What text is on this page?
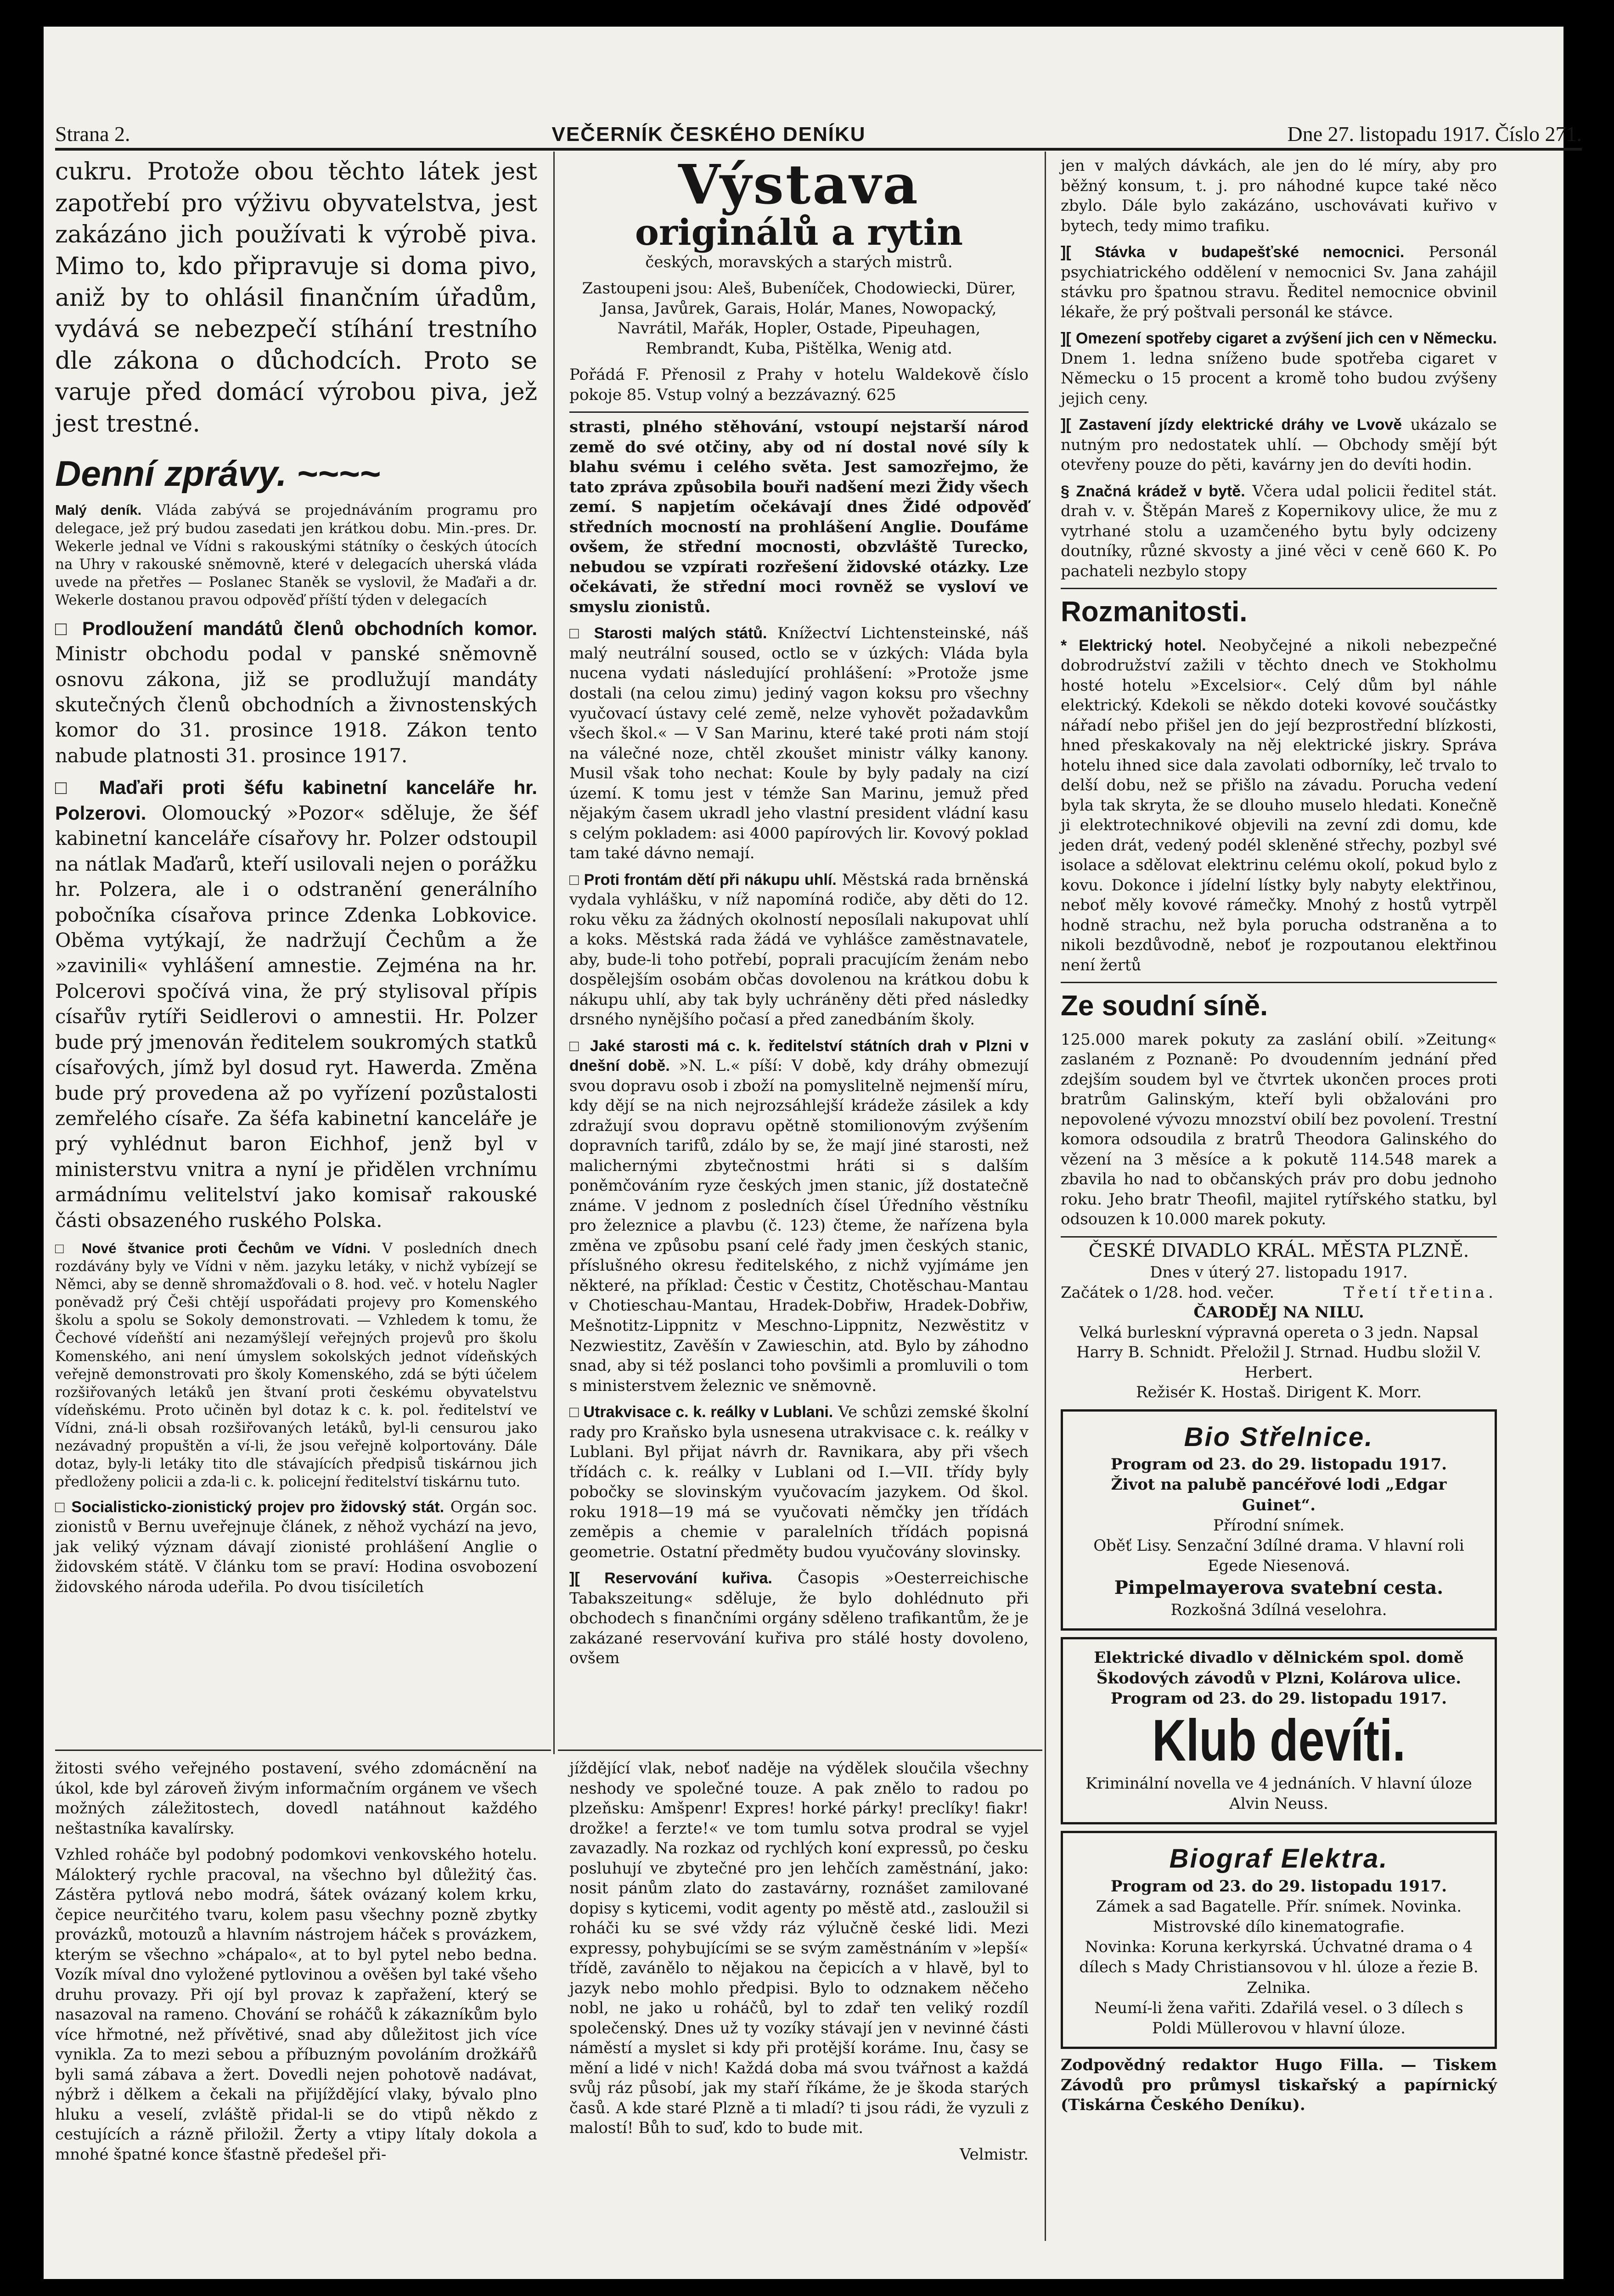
Strana 2.	VEČERNÍK ČESKÉHO DENÍKU	Dne 27. listopadu 1917. Číslo 271.

cukru. Protože obou těchto látek jest zapotřebí pro výživu obyvatelstva, jest zakázáno jich používati k výrobě piva. Mimo to, kdo připravuje si doma pivo, aniž by to ohlásil finančním úřadům, vydává se nebezpečí stíhání trestního dle zákona o důchodcích. Proto se varuje před domácí výrobou piva, jež jest trestné.

Denní zprávy. ~~~~

Malý deník. Vláda zabývá se projednáváním programu pro delegace, jež prý budou zasedati jen krátkou dobu. Min.-pres. Dr. Wekerle jednal ve Vídni s rakouskými státníky o českých útocích na Uhry v rakouské sněmovně, které v delegacích uherská vláda uvede na přetřes — Poslanec Staněk se vyslovil, že Maďaři a dr. Wekerle dostanou pravou odpověď příští týden v delegacích

□ Prodloužení mandátů členů obchodních komor. Ministr obchodu podal v panské sněmovně osnovu zákona, již se prodlužují mandáty skutečných členů obchodních a živnostenských komor do 31. prosince 1918. Zákon tento nabude platnosti 31. prosince 1917.

□ Maďaři proti šéfu kabinetní kanceláře hr. Polzerovi. Olomoucký »Pozor« sděluje, že šéf kabinetní kanceláře císařovy hr. Polzer odstoupil na nátlak Maďarů, kteří usilovali nejen o porážku hr. Polzera, ale i o odstranění generálního pobočníka císařova prince Zdenka Lobkovice. Oběma vytýkají, že nadržují Čechům a že »zavinili« vyhlášení amnestie. Zejména na hr. Polcerovi spočívá vina, že prý stylisoval přípis císařův rytíři Seidlerovi o amnestii. Hr. Polzer bude prý jmenován ředitelem soukromých statků císařových, jímž byl dosud ryt. Hawerda. Změna bude prý provedena až po vyřízení pozůstalosti zemřelého císaře. Za šéfa kabinetní kanceláře je prý vyhlédnut baron Eichhof, jenž byl v ministerstvu vnitra a nyní je přidělen vrchnímu armádnímu velitelství jako komisař rakouské části obsazeného ruského Polska.

□ Nové štvanice proti Čechům ve Vídni. V posledních dnech rozdávány byly ve Vídni v něm. jazyku letáky, v nichž vybízejí se Němci, aby se denně shromažďovali o 8. hod. več. v hotelu Nagler poněvadž prý Češi chtějí uspořádati projevy pro Komenského školu a spolu se Sokoly demonstrovati. — Vzhledem k tomu, že Čechové vídeňští ani nezamýšlejí veřejných projevů pro školu Komenského, ani není úmyslem sokolských jednot vídeňských veřejně demonstrovati pro školy Komenského, zdá se býti účelem rozšiřovaných letáků jen štvaní proti českému obyvatelstvu vídeňskému. Proto učiněn byl dotaz k c. k. pol. ředitelství ve Vídni, zná-li obsah rozšiřovaných letáků, byl-li censurou jako nezávadný propuštěn a ví-li, že jsou veřejně kolportovány. Dále dotaz, byly-li letáky tito dle stávajících předpisů tiskárnou jich předloženy policii a zda-li c. k. policejní ředitelství tiskárnu tuto.

□ Socialisticko-zionistický projev pro židovský stát. Orgán soc. zionistů v Bernu uveřejnuje článek, z něhož vychází na jevo, jak veliký význam dávají zionisté prohlášení Anglie o židovském státě. V článku tom se praví: Hodina osvobození židovského národa udeřila. Po dvou tisíciletích

žitosti svého veřejného postavení, svého zdomácnění na úkol, kde byl zároveň živým informačním orgánem ve všech možných záležitostech, dovedl natáhnout každého neštastníka kavalírsky.

Vzhled roháče byl podobný podomkovi venkovského hotelu. Málokterý rychle pracoval, na všechno byl důležitý čas. Zástěra pytlová nebo modrá, šátek ovázaný kolem krku, čepice neurčitého tvaru, kolem pasu všechny pozně zbytky provázků, motouzů a hlavním nástrojem háček s provázkem, kterým se všechno »chápalo«, at to byl pytel nebo bedna. Vozík míval dno vyložené pytlovinou a ověšen byl také všeho druhu provazy. Při ojí byl provaz k zapřažení, který se nasazoval na rameno. Chování se roháčů k zákazníkům bylo více hřmotné, než přívětivé, snad aby důležitost jich více vynikla. Za to mezi sebou a příbuzným povoláním drožkářů byli samá zábava a žert. Dovedli nejen pohotově nadávat, nýbrž i dělkem a čekali na přijíždějící vlaky, bývalo plno hluku a veselí, zvláště přidal-li se do vtipů někdo z cestujících a rázně přiložil. Žerty a vtipy lítaly dokola a mnohé špatné konce šťastně předešel při-

Výstava
originálů a rytin

českých, moravských a starých mistrů.

Zastoupeni jsou: Aleš, Bubeníček, Chodowiecki, Dürer, Jansa, Javůrek, Garais, Holár, Manes, Nowopacký, Navrátil, Mařák, Hopler, Ostade, Pipeuhagen, Rembrandt, Kuba, Pištělka, Wenig atd.

Pořádá F. Přenosil z Prahy v hotelu Waldekově číslo pokoje 85. Vstup volný a bezzávazný. 625

strasti, plného stěhování, vstoupí nejstarší národ země do své otčiny, aby od ní dostal nové síly k blahu svému i celého světa. Jest samozřejmo, že tato zpráva způsobila bouři nadšení mezi Židy všech zemí. S napjetím očekávají dnes Židé odpověď středních mocností na prohlášení Anglie. Doufáme ovšem, že střední mocnosti, obzvláště Turecko, nebudou se vzpírati rozřešení židovské otázky. Lze očekávati, že střední moci rovněž se vysloví ve smyslu zionistů.

□ Starosti malých států. Knížectví Lichtensteinské, náš malý neutrální soused, octlo se v úzkých: Vláda byla nucena vydati následující prohlášení: »Protože jsme dostali (na celou zimu) jediný vagon koksu pro všechny vyučovací ústavy celé země, nelze vyhovět požadavkům všech škol.« — V San Marinu, které také proti nám stojí na válečné noze, chtěl zkoušet ministr války kanony. Musil však toho nechat: Koule by byly padaly na cizí území. K tomu jest v témže San Marinu, jemuž před nějakým časem ukradl jeho vlastní president vládní kasu s celým pokladem: asi 4000 papírových lir. Kovový poklad tam také dávno nemají.

□ Proti frontám dětí při nákupu uhlí. Městská rada brněnská vydala vyhlášku, v níž napomíná rodiče, aby děti do 12. roku věku za žádných okolností neposílali nakupovat uhlí a koks. Městská rada žádá ve vyhlášce zaměstnavatele, aby, bude-li toho potřebí, poprali pracujícím ženám nebo dospělejším osobám občas dovolenou na krátkou dobu k nákupu uhlí, aby tak byly uchráněny děti před následky drsného nynějšího počasí a před zanedbáním školy.

□ Jaké starosti má c. k. ředitelství státních drah v Plzni v dnešní době. »N. L.« píší: V době, kdy dráhy obmezují svou dopravu osob i zboží na pomyslitelně nejmenší míru, kdy dějí se na nich nejrozsáhlejší krádeže zásilek a kdy zdražují svou dopravu opětně stomilionovým zvýšením dopravních tarifů, zdálo by se, že mají jiné starosti, než malichernými zbytečnostmi hráti si s dalším poněmčováním ryze českých jmen stanic, jíž dostatečně známe. V jednom z posledních čísel Úředního věstníku pro železnice a plavbu (č. 123) čteme, že nařízena byla změna ve způsobu psaní celé řady jmen českých stanic, příslušného okresu ředitelského, z nichž vyjímáme jen některé, na příklad: Čestic v Čestitz, Chotěschau-Mantau v Chotieschau-Mantau, Hradek-Dobřiw, Hradek-Dobřiw, Mešnotitz-Lippnitz v Meschno-Lippnitz, Nezwěstitz v Nezwiestitz, Zavěšín v Zawieschin, atd. Bylo by záhodno snad, aby si též poslanci toho povšimli a promluvili o tom s ministerstvem železnic ve sněmovně.

□ Utrakvisace c. k. reálky v Lublani. Ve schůzi zemské školní rady pro Kraňsko byla usnesena utrakvisace c. k. reálky v Lublani. Byl přijat návrh dr. Ravnikara, aby při všech třídách c. k. reálky v Lublani od I.—VII. třídy byly pobočky se slovinským vyučovacím jazykem. Od škol. roku 1918—19 má se vyučovati němčky jen třídách zeměpis a chemie v paralelních třídách popisná geometrie. Ostatní předměty budou vyučovány slovinsky.

][ Reservování kuřiva. Časopis »Oesterreichische Tabakszeitung« sděluje, že bylo dohlédnuto při obchodech s finančními orgány sděleno trafikantům, že je zakázané reservování kuřiva pro stálé hosty dovoleno, ovšem

jíždějící vlak, neboť naděje na výdělek sloučila všechny neshody ve společné touze. A pak znělo to radou po plzeňsku: Amšpenr! Expres! horké párky! preclíky! fiakr! drožke! a ferzte!« ve tom tumlu sotva prodral se vyjel zavazadly. Na rozkaz od rychlých koní expressů, po česku posluhují ve zbytečné pro jen lehčích zaměstnání, jako: nosit pánům zlato do zastavárny, roznášet zamilované dopisy s kyticemi, vodit agenty po městě atd., zasloužil si roháči ku se své vždy ráz výlučně české lidi. Mezi expressy, pohybujícími se se svým zaměstnáním v »lepší« třídě, zavánělo to nějakou na čepicích a v hlavě, byl to jazyk nebo mohlo předpisi. Bylo to odznakem něčeho nobl, ne jako u roháčů, byl to zdař ten veliký rozdíl společenský. Dnes už ty vozíky stávají jen v nevinné části náměstí a myslet si kdy při protější koráme. Inu, časy se mění a lidé v nich! Každá doba má svou tvářnost a každá svůj ráz působí, jak my staří říkáme, že je škoda starých časů. A kde staré Plzně a ti mladí? ti jsou rádi, že vyzuli z malostí! Bůh to suď, kdo to bude mit.

Velmistr.

jen v malých dávkách, ale jen do lé míry, aby pro běžný konsum, t. j. pro náhodné kupce také něco zbylo. Dále bylo zakázáno, uschovávati kuřivo v bytech, tedy mimo trafiku.

][ Stávka v budapešťské nemocnici. Personál psychiatrického oddělení v nemocnici Sv. Jana zahájil stávku pro špatnou stravu. Ředitel nemocnice obvinil lékaře, že prý poštvali personál ke stávce.

][ Omezení spotřeby cigaret a zvýšení jich cen v Německu. Dnem 1. ledna sníženo bude spotřeba cigaret v Německu o 15 procent a kromě toho budou zvýšeny jejich ceny.

][ Zastavení jízdy elektrické dráhy ve Lvově ukázalo se nutným pro nedostatek uhlí. — Obchody smějí být otevřeny pouze do pěti, kavárny jen do devíti hodin.

§ Značná krádež v bytě. Včera udal policii ředitel stát. drah v. v. Štěpán Mareš z Kopernikovy ulice, že mu z vytrhané stolu a uzamčeného bytu byly odcizeny doutníky, různé skvosty a jiné věci v ceně 660 K. Po pachateli nezbylo stopy

Rozmanitosti.

* Elektrický hotel. Neobyčejné a nikoli nebezpečné dobrodružství zažili v těchto dnech ve Stokholmu hosté hotelu »Excelsior«. Celý dům byl náhle elektrický. Kdekoli se někdo doteki kovové součástky nářadí nebo přišel jen do její bezprostřední blízkosti, hned přeskakovaly na něj elektrické jiskry. Správa hotelu ihned sice dala zavolati odborníky, leč trvalo to delší dobu, než se přišlo na závadu. Porucha vedení byla tak skryta, že se dlouho muselo hledati. Konečně ji elektrotechnikové objevili na zevní zdi domu, kde jeden drát, vedený podél skleněné střechy, pozbyl své isolace a sdělovat elektrinu celému okolí, pokud bylo z kovu. Dokonce i jídelní lístky byly nabyty elektřinou, neboť měly kovové rámečky. Mnohý z hostů vytrpěl hodně strachu, než byla porucha odstraněna a to nikoli bezdůvodně, neboť je rozpoutanou elektřinou není žertů

Ze soudní síně.

125.000 marek pokuty za zaslání obilí. »Zeitung« zaslaném z Poznaně: Po dvoudenním jednání před zdejším soudem byl ve čtvrtek ukončen proces proti bratrům Galinským, kteří byli obžalováni pro nepovolené vývozu mnozství obilí bez povolení. Trestní komora odsoudila z bratrů Theodora Galinského do vězení na 3 měsíce a k pokutě 114.548 marek a zbavila ho nad to občanských práv pro dobu jednoho roku. Jeho bratr Theofil, majitel rytířského statku, byl odsouzen k 10.000 marek pokuty.

ČESKÉ DIVADLO KRÁL. MĚSTA PLZNĚ.
Dnes v úterý 27. listopadu 1917.
Začátek o 1/28. hod. večer.	Třetí třetina.
ČARODĚJ NA NILU.
Velká burleskní výpravná opereta o 3 jedn. Napsal Harry B. Schnidt. Přeložil J. Strnad. Hudbu složil V. Herbert.
Režisér K. Hostaš. Dirigent K. Morr.
Bio Střelnice.
Program od 23. do 29. listopadu 1917.
Život na palubě pancéřové lodi „Edgar Guinet“.
Přírodní snímek.
Oběť Lisy. Senzační 3dílné drama. V hlavní roli Egede Niesenová.
Pimpelmayerova svatební cesta.
Rozkošná 3dílná veselohra.
Elektrické divadlo v dělnickém spol. domě Škodových závodů v Plzni, Kolárova ulice.
Program od 23. do 29. listopadu 1917.
Klub devíti.
Kriminální novella ve 4 jednáních. V hlavní úloze Alvin Neuss.
Biograf Elektra.
Program od 23. do 29. listopadu 1917.
Zámek a sad Bagatelle. Přír. snímek. Novinka. Mistrovské dílo kinematografie.
Novinka: Koruna kerkyrská. Úchvatné drama o 4 dílech s Mady Christiansovou v hl. úloze a řezie B. Zelnika.
Neumí-li žena vařiti. Zdařilá vesel. o 3 dílech s Poldi Müllerovou v hlavní úloze.

Zodpovědný redaktor Hugo Filla. — Tiskem Závodů pro průmysl tiskařský a papírnický (Tiskárna Českého Deníku).
